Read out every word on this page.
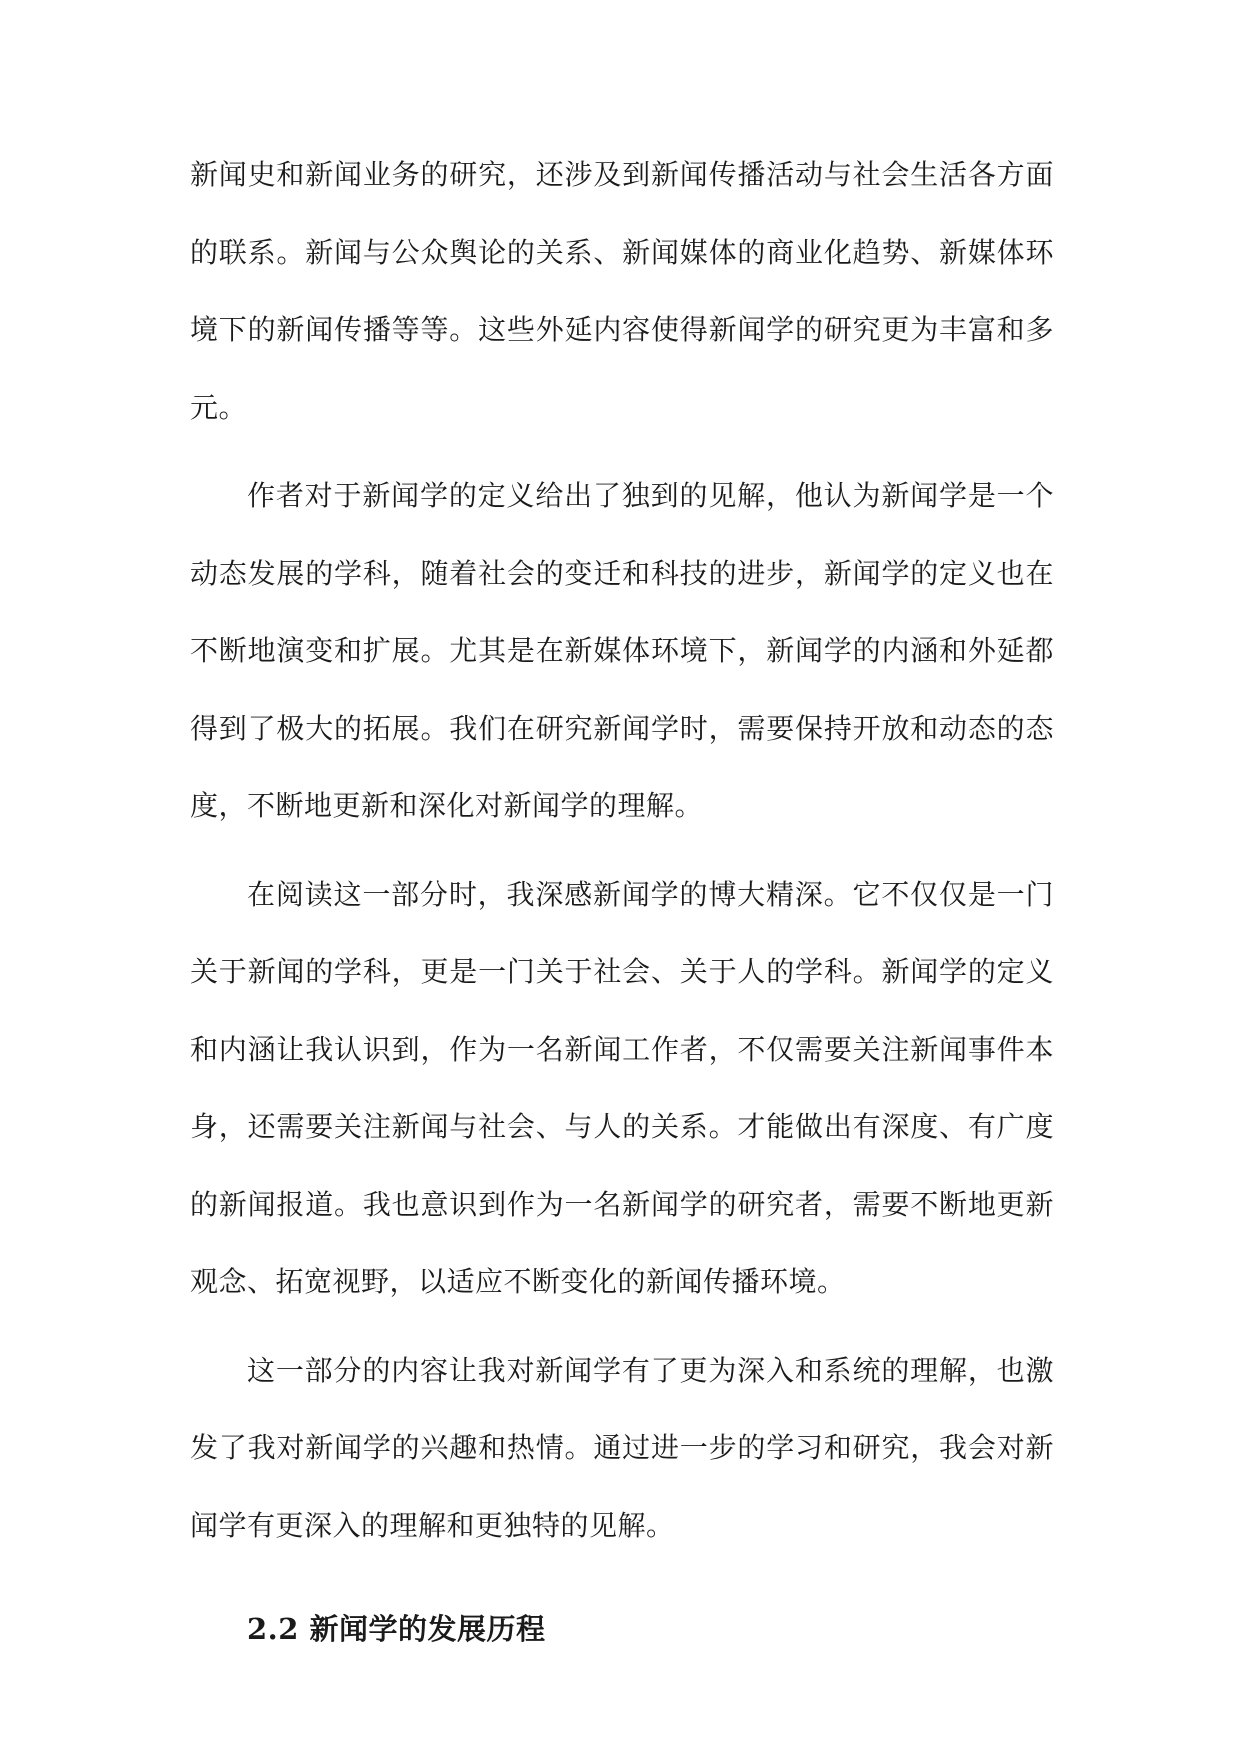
新闻史和新闻业务的研究，还涉及到新闻传播活动与社会生活各方面的联系。新闻与公众舆论的关系、新闻媒体的商业化趋势、新媒体环境下的新闻传播等等。这些外延内容使得新闻学的研究更为丰富和多元。

作者对于新闻学的定义给出了独到的见解，他认为新闻学是一个动态发展的学科，随着社会的变迁和科技的进步，新闻学的定义也在不断地演变和扩展。尤其是在新媒体环境下，新闻学的内涵和外延都得到了极大的拓展。我们在研究新闻学时，需要保持开放和动态的态度，不断地更新和深化对新闻学的理解。

在阅读这一部分时，我深感新闻学的博大精深。它不仅仅是一门关于新闻的学科，更是一门关于社会、关于人的学科。新闻学的定义和内涵让我认识到，作为一名新闻工作者，不仅需要关注新闻事件本身，还需要关注新闻与社会、与人的关系。才能做出有深度、有广度的新闻报道。我也意识到作为一名新闻学的研究者，需要不断地更新观念、拓宽视野，以适应不断变化的新闻传播环境。

这一部分的内容让我对新闻学有了更为深入和系统的理解，也激发了我对新闻学的兴趣和热情。通过进一步的学习和研究，我会对新闻学有更深入的理解和更独特的见解。

2.2 新闻学的发展历程
